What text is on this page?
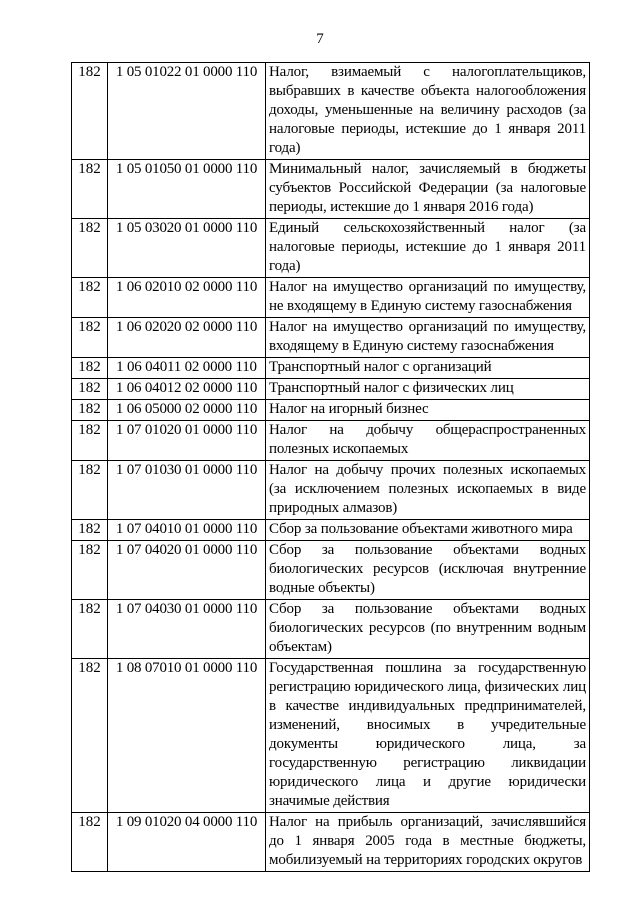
7
182	1 05 01022 01 0000 110	Налог, взимаемый с налогоплательщиков, выбравших в качестве объекта налогообложения доходы, уменьшенные на величину расходов (за налоговые периоды, истекшие до 1 января 2011 года)
182	1 05 01050 01 0000 110	Минимальный налог, зачисляемый в бюджеты субъектов Российской Федерации (за налоговые периоды, истекшие до 1 января 2016 года)
182	1 05 03020 01 0000 110	Единый сельскохозяйственный налог (за налоговые периоды, истекшие до 1 января 2011 года)
182	1 06 02010 02 0000 110	Налог на имущество организаций по имуществу, не входящему в Единую систему газоснабжения
182	1 06 02020 02 0000 110	Налог на имущество организаций по имуществу, входящему в Единую систему газоснабжения
182	1 06 04011 02 0000 110	Транспортный налог с организаций
182	1 06 04012 02 0000 110	Транспортный налог с физических лиц
182	1 06 05000 02 0000 110	Налог на игорный бизнес
182	1 07 01020 01 0000 110	Налог на добычу общераспространенных полезных ископаемых
182	1 07 01030 01 0000 110	Налог на добычу прочих полезных ископаемых (за исключением полезных ископаемых в виде природных алмазов)
182	1 07 04010 01 0000 110	Сбор за пользование объектами животного мира
182	1 07 04020 01 0000 110	Сбор за пользование объектами водных биологических ресурсов (исключая внутренние водные объекты)
182	1 07 04030 01 0000 110	Сбор за пользование объектами водных биологических ресурсов (по внутренним водным объектам)
182	1 08 07010 01 0000 110	Государственная пошлина за государственную регистрацию юридического лица, физических лиц в качестве индивидуальных предпринимателей, изменений, вносимых в учредительные документы юридического лица, за государственную регистрацию ликвидации юридического лица и другие юридически значимые действия
182	1 09 01020 04 0000 110	Налог на прибыль организаций, зачислявшийся до 1 января 2005 года в местные бюджеты, мобилизуемый на территориях городских округов
